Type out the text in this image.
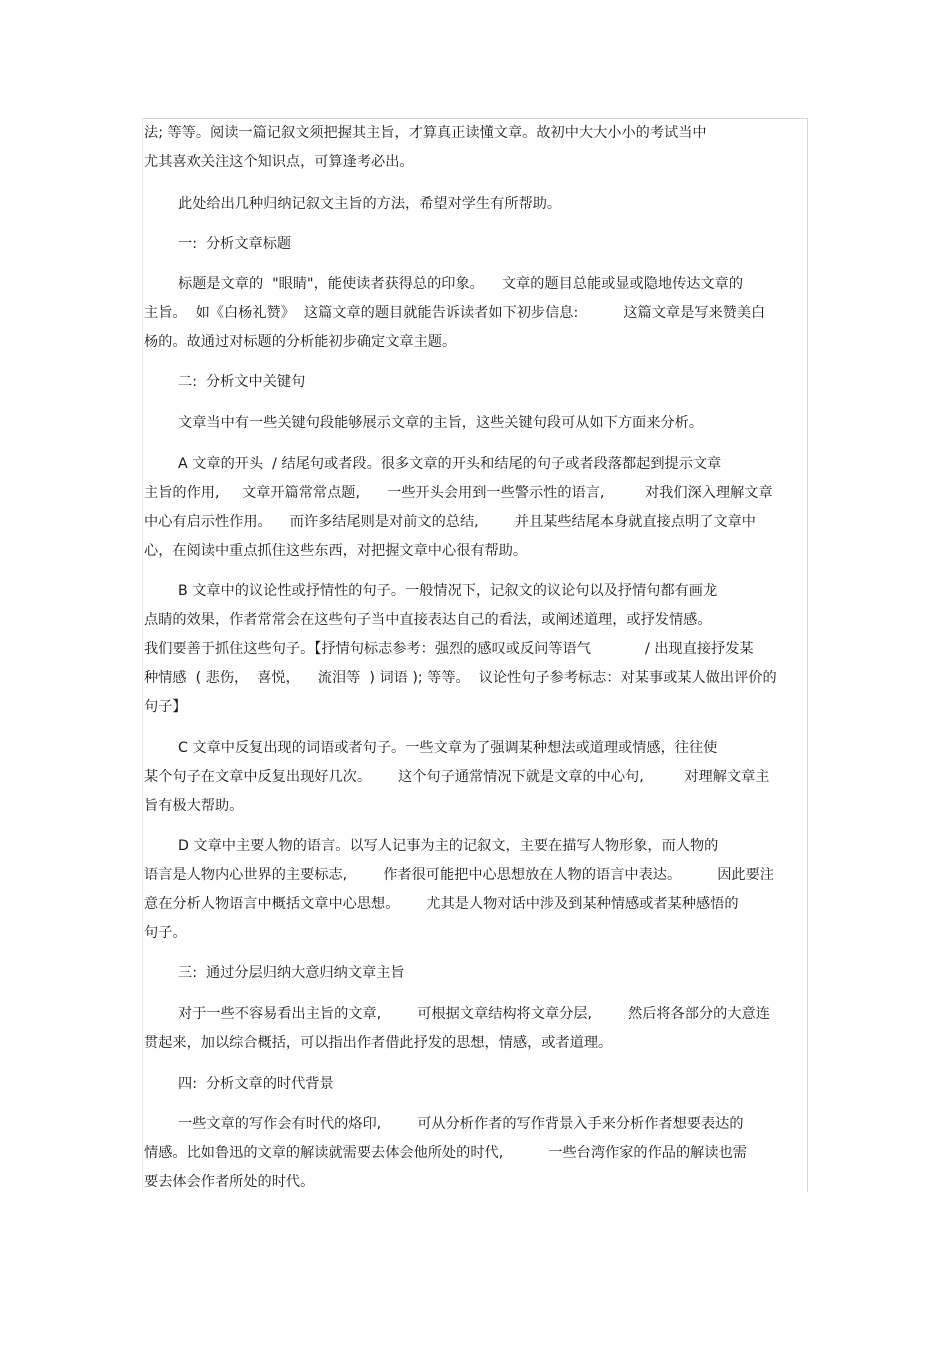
法; 等等。阅读一篇记叙文须把握其主旨，才算真正读懂文章。故初中大大小小的考试当中
尤其喜欢关注这个知识点，可算逢考必出。
此处给出几种归纳记叙文主旨的方法，希望对学生有所帮助。
一:  分析文章标题
标题是文章的  "眼睛"，能使读者获得总的印象。    文章的题目总能或显或隐地传达文章的
主旨。  如《白杨礼赞》  这篇文章的题目就能告诉读者如下初步信息:          这篇文章是写来赞美白
杨的。故通过对标题的分析能初步确定文章主题。
二:  分析文中关键句
文章当中有一些关键句段能够展示文章的主旨，这些关键句段可从如下方面来分析。
A 文章的开头  / 结尾句或者段。很多文章的开头和结尾的句子或者段落都起到提示文章
主旨的作用,     文章开篇常常点题,      一些开头会用到一些警示性的语言,         对我们深入理解文章
中心有启示性作用。    而许多结尾则是对前文的总结,        并且某些结尾本身就直接点明了文章中
心，在阅读中重点抓住这些东西，对把握文章中心很有帮助。
B 文章中的议论性或抒情性的句子。一般情况下，记叙文的议论句以及抒情句都有画龙
点睛的效果，作者常常会在这些句子当中直接表达自己的看法，或阐述道理，或抒发情感。
我们要善于抓住这些句子。【抒情句标志参考：强烈的感叹或反问等语气            / 出现直接抒发某
种情感  ( 悲伤，  喜悦，    流泪等  ) 词语 ); 等等。  议论性句子参考标志：对某事或某人做出评价的
句子】
C 文章中反复出现的词语或者句子。一些文章为了强调某种想法或道理或情感，往往使
某个句子在文章中反复出现好几次。      这个句子通常情况下就是文章的中心句,         对理解文章主
旨有极大帮助。
D 文章中主要人物的语言。以写人记事为主的记叙文，主要在描写人物形象，而人物的
语言是人物内心世界的主要标志,        作者很可能把中心思想放在人物的语言中表达。        因此要注
意在分析人物语言中概括文章中心思想。      尤其是人物对话中涉及到某种情感或者某种感悟的
句子。
三:  通过分层归纳大意归纳文章主旨
对于一些不容易看出主旨的文章,        可根据文章结构将文章分层,        然后将各部分的大意连
贯起来，加以综合概括，可以指出作者借此抒发的思想，情感，或者道理。
四:  分析文章的时代背景
一些文章的写作会有时代的烙印,        可从分析作者的写作背景入手来分析作者想要表达的
情感。比如鲁迅的文章的解读就需要去体会他所处的时代,          一些台湾作家的作品的解读也需
要去体会作者所处的时代。
